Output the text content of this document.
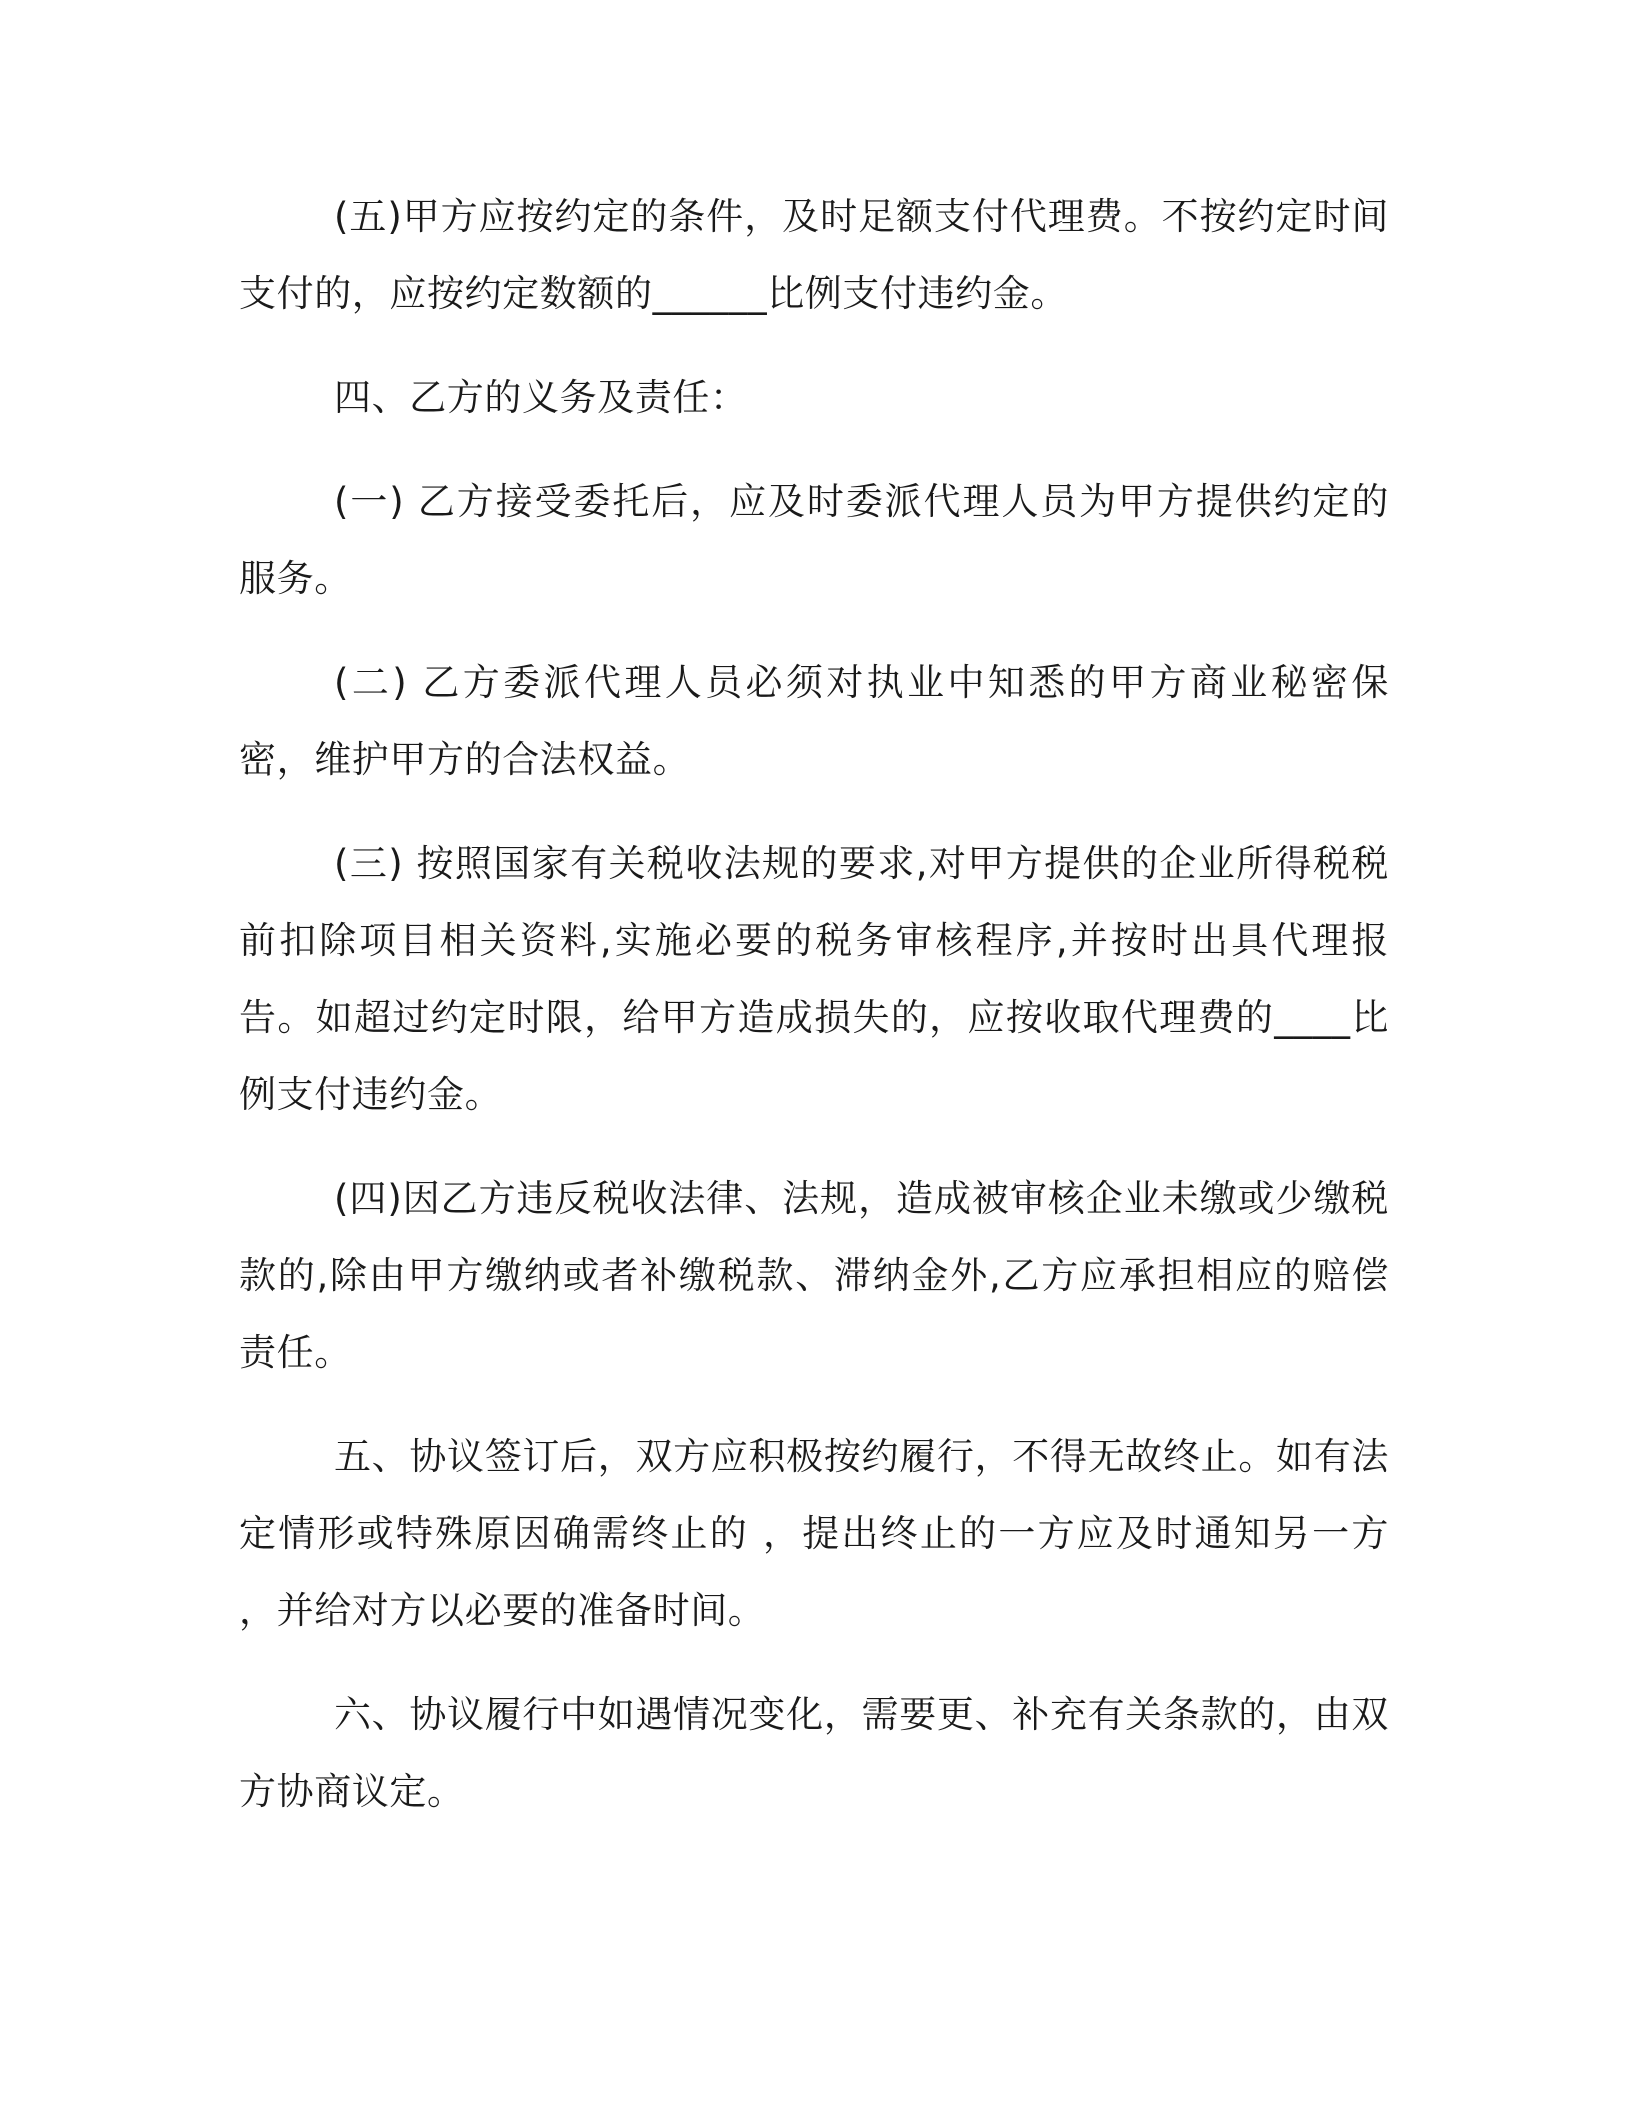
(五)甲方应按约定的条件，及时足额支付代理费。不按约定时间支付的，应按约定数额的______比例支付违约金。

四、乙方的义务及责任：

(一) 乙方接受委托后，应及时委派代理人员为甲方提供约定的服务。

(二) 乙方委派代理人员必须对执业中知悉的甲方商业秘密保密，维护甲方的合法权益。

(三) 按照国家有关税收法规的要求,对甲方提供的企业所得税税前扣除项目相关资料,实施必要的税务审核程序,并按时出具代理报告。如超过约定时限，给甲方造成损失的，应按收取代理费的____比例支付违约金。

(四)因乙方违反税收法律、法规，造成被审核企业未缴或少缴税款的,除由甲方缴纳或者补缴税款、滞纳金外,乙方应承担相应的赔偿责任。

五、协议签订后，双方应积极按约履行，不得无故终止。如有法定情形或特殊原因确需终止的 ，提出终止的一方应及时通知另一方 ，并给对方以必要的准备时间。

六、协议履行中如遇情况变化，需要更、补充有关条款的，由双方协商议定。
